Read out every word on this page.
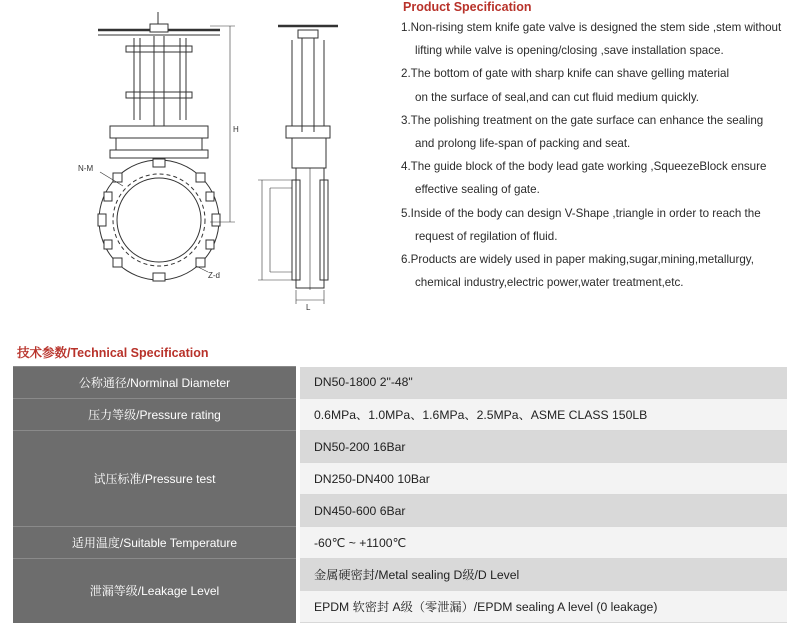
N-M
Z-d
H
L
Product Specification
1.Non-rising stem knife gate valve is designed the stem side ,stem without
lifting while valve is opening/closing ,save installation space.
2.The bottom of gate with sharp knife can shave gelling material
on the surface of seal,and can cut fluid medium quickly.
3.The polishing treatment on the gate surface can enhance the sealing
and prolong life-span of packing and seat.
4.The guide block of the body lead gate working ,SqueezeBlock ensure
effective sealing of gate.
5.Inside of the body can design V-Shape ,triangle in order to reach the
request of regilation of fluid.
6.Products are widely used in paper making,sugar,mining,metallurgy,
chemical industry,electric power,water treatment,etc.
技术参数/Technical Specification
公称通径/Norminal Diameter	DN50-1800 2"-48"
压力等级/Pressure rating	0.6MPa、1.0MPa、1.6MPa、2.5MPa、ASME CLASS 150LB
试压标准/Pressure test	DN50-200 16Bar
	DN250-DN400 10Bar
	DN450-600 6Bar
适用温度/Suitable Temperature	-60℃ ~ +1100℃
泄漏等级/Leakage Level	金属硬密封/Metal sealing D级/D Level
	EPDM 软密封 A级（零泄漏）/EPDM sealing A level (0 leakage)
